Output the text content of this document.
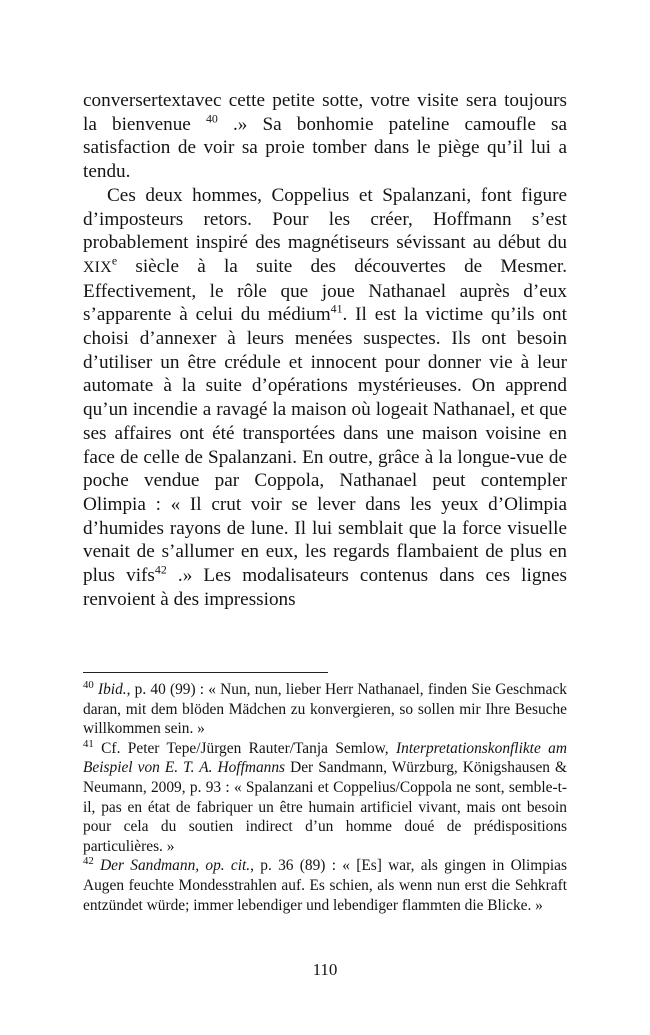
conversertextavec cette petite sotte, votre visite sera toujours la bienvenue $^{40}$ .» Sa bonhomie pateline camoufle sa satisfaction de voir sa proie tomber dans le piège qu’il lui a tendu.

Ces deux hommes, Coppelius et Spalanzani, font figure d’imposteurs retors. Pour les créer, Hoffmann s’est probablement inspiré des magnétiseurs sévissant au début du XIXe siècle à la suite des découvertes de Mesmer. Effectivement, le rôle que joue Nathanael auprès d’eux s’apparente à celui du médium$^{41}$. Il est la victime qu’ils ont choisi d’annexer à leurs menées suspectes. Ils ont besoin d’utiliser un être crédule et innocent pour donner vie à leur automate à la suite d’opérations mystérieuses. On apprend qu’un incendie a ravagé la maison où logeait Nathanael, et que ses affaires ont été transportées dans une maison voisine en face de celle de Spalanzani. En outre, grâce à la longue-vue de poche vendue par Coppola, Nathanael peut contempler Olimpia : « Il crut voir se lever dans les yeux d’Olimpia d’humides rayons de lune. Il lui semblait que la force visuelle venait de s’allumer en eux, les regards flambaient de plus en plus vifs$^{42}$ .» Les modalisateurs contenus dans ces lignes renvoient à des impressions

$^{40}$ Ibid., p. 40 (99) : « Nun, nun, lieber Herr Nathanael, finden Sie Geschmack daran, mit dem blöden Mädchen zu konvergieren, so sollen mir Ihre Besuche willkommen sein. »

$^{41}$ Cf. Peter Tepe/Jürgen Rauter/Tanja Semlow, Interpretationskonflikte am Beispiel von E. T. A. Hoffmanns Der Sandmann, Würzburg, Königshausen & Neumann, 2009, p. 93 : « Spalanzani et Coppelius/Coppola ne sont, semble-t-il, pas en état de fabriquer un être humain artificiel vivant, mais ont besoin pour cela du soutien indirect d’un homme doué de prédispositions particulières. »

$^{42}$ Der Sandmann, op. cit., p. 36 (89) : « [Es] war, als gingen in Olimpias Augen feuchte Mondesstrahlen auf. Es schien, als wenn nun erst die Sehkraft entzündet würde; immer lebendiger und lebendiger flammten die Blicke. »

110
